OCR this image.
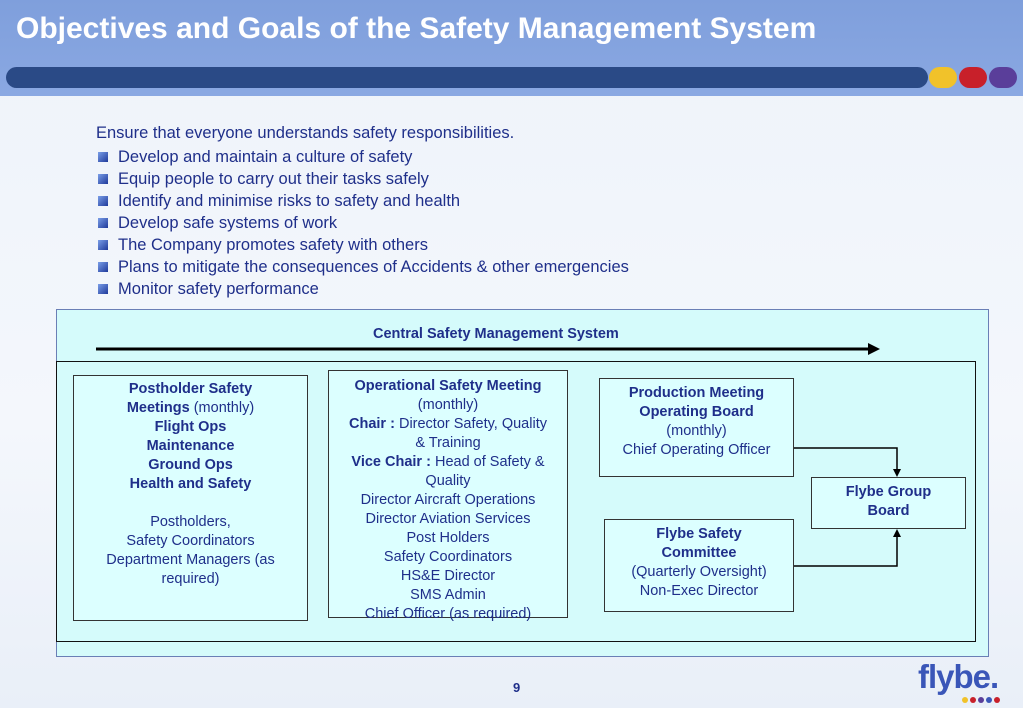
Objectives and Goals of the Safety Management System
Ensure that everyone understands safety responsibilities.
Develop and maintain a culture of safety
Equip people to carry out their tasks safely
Identify and minimise risks to safety and health
Develop safe systems of work
The Company promotes safety with others
Plans to mitigate the consequences of Accidents & other emergencies
Monitor safety performance
Central Safety Management System
Postholder Safety
Meetings (monthly)
Flight Ops
Maintenance
Ground Ops
Health and Safety
Postholders,
Safety Coordinators
Department Managers (as
required)
Operational Safety Meeting
(monthly)
Chair : Director Safety, Quality
& Training
Vice Chair : Head of Safety &
Quality
Director Aircraft Operations
Director Aviation Services
Post Holders
Safety Coordinators
HS&E Director
SMS Admin
Chief Officer (as required)
Production Meeting
Operating Board
(monthly)
Chief Operating Officer
Flybe Safety
Committee
(Quarterly Oversight)
Non-Exec Director
Flybe Group
Board
9	flybe.
